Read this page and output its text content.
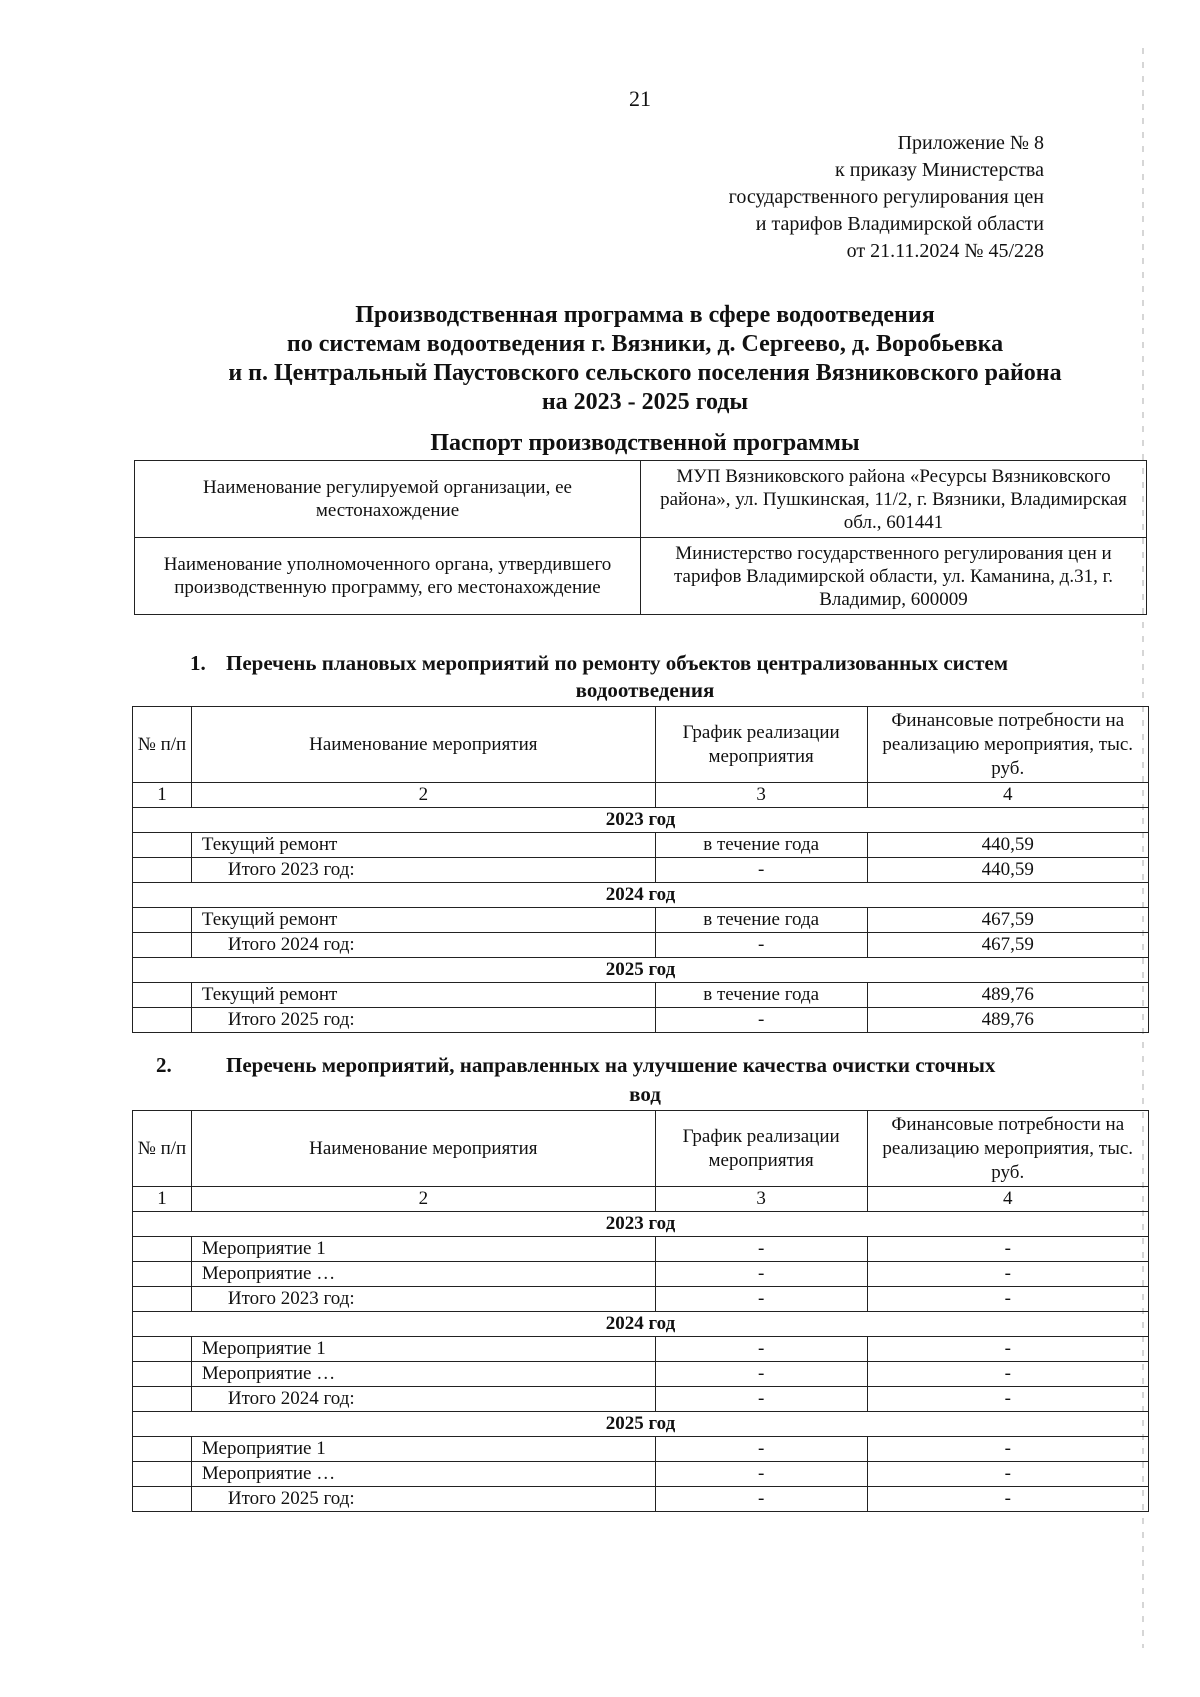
21
Приложение № 8
к приказу Министерства
государственного регулирования цен
и тарифов Владимирской области
от 21.11.2024 № 45/228
Производственная программа в сфере водоотведения
по системам водоотведения г. Вязники, д. Сергеево, д. Воробьевка
и п. Центральный Паустовского сельского поселения Вязниковского района
на 2023 - 2025 годы
Паспорт производственной программы
Наименование регулируемой организации, ее местонахождение	МУП Вязниковского района «Ресурсы Вязниковского района», ул. Пушкинская, 11/2, г. Вязники, Владимирская обл., 601441
Наименование уполномоченного органа, утвердившего производственную программу, его местонахождение	Министерство государственного регулирования цен и тарифов Владимирской области, ул. Каманина, д.31, г. Владимир, 600009
1. Перечень плановых мероприятий по ремонту объектов централизованных систем
водоотведения
№ п/п	Наименование мероприятия	График реализации мероприятия	Финансовые потребности на реализацию мероприятия, тыс. руб.
1	2	3	4
2023 год			
	Текущий ремонт	в течение года	440,59
	Итого 2023 год:	-	440,59
2024 год			
	Текущий ремонт	в течение года	467,59
	Итого 2024 год:	-	467,59
2025 год			
	Текущий ремонт	в течение года	489,76
	Итого 2025 год:	-	489,76
2.	Перечень мероприятий, направленных на улучшение качества очистки сточных
вод
№ п/п	Наименование мероприятия	График реализации мероприятия	Финансовые потребности на реализацию мероприятия, тыс. руб.
1	2	3	4
2023 год			
	Мероприятие 1	-	-
	Мероприятие …	-	-
	Итого 2023 год:	-	-
2024 год			
	Мероприятие 1	-	-
	Мероприятие …	-	-
	Итого 2024 год:	-	-
2025 год			
	Мероприятие 1	-	-
	Мероприятие …	-	-
	Итого 2025 год:	-	-
